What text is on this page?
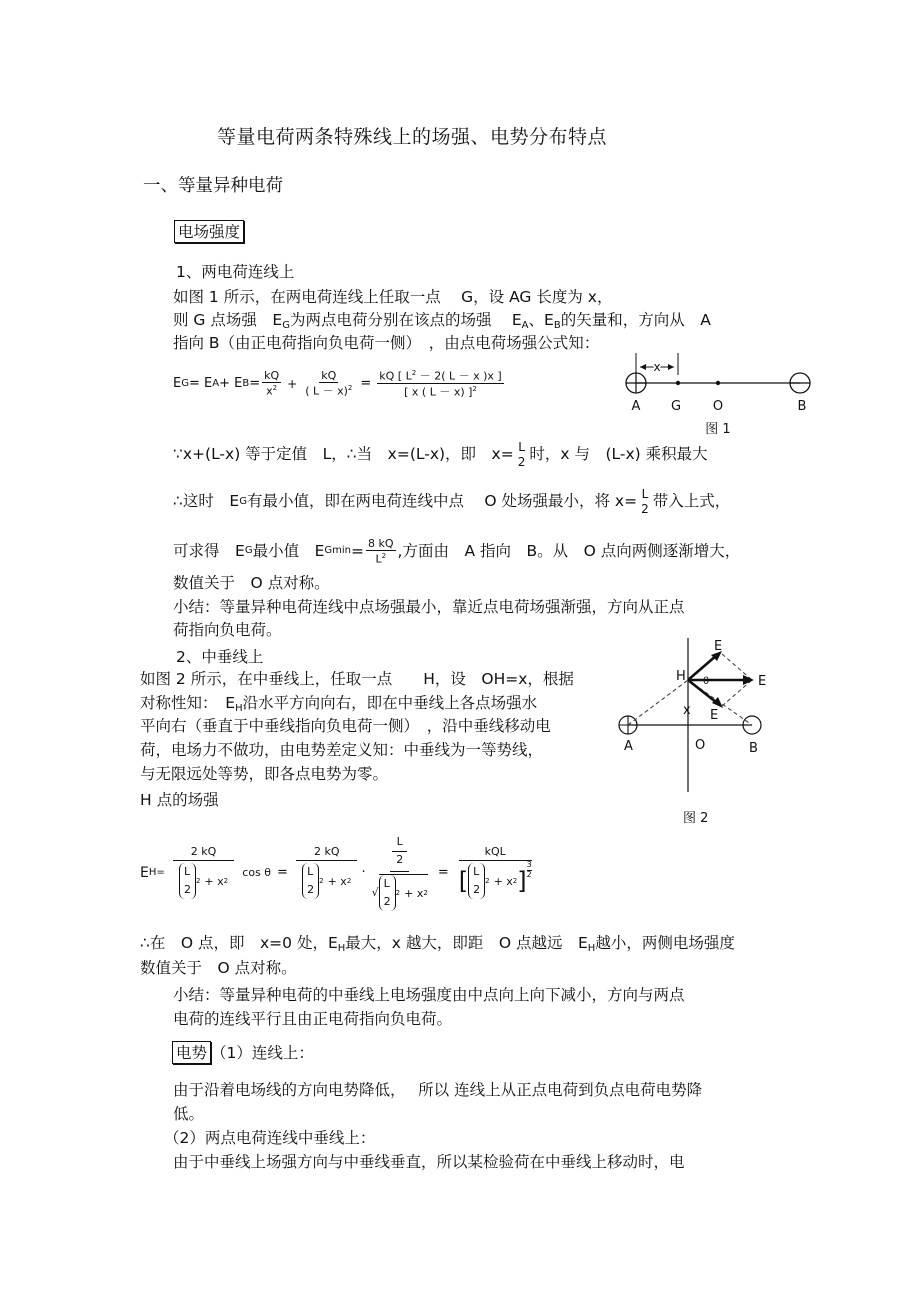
等量电荷两条特殊线上的场强、电势分布特点
一、等量异种电荷
电场强度
1、两电荷连线上
如图 1 所示，在两电荷连线上任取一点　 G，设 AG 长度为 x，
则 G 点场强　 $E_G$为两点电荷分别在该点的场强　 $E_A$、$E_B$的矢量和，方向从　A
指向 B（由正电荷指向负电荷一侧）　，由点电荷场强公式知：
E G = E A + E $B = \frac{kQ}{x^2} + \frac{kQ}{( L - x)^2} = \frac{kQ [ L^2 - 2( L - x )x ]}{[ x ( L - x) ]^2}$
x
A G O	B
图 1
∵x+(L-x) 等于定值　L，∴当　x=(L-x)，即　x= L
2 时，x 与　(L-x) 乘积最大
∴这时
　 E G 有最小值，即在两电荷连线中点　 O 处场强最小，将 x= L
2 带入上式，
可求得
　 E G 最小值
　 E $Gmin = \frac{8 kQ}{L^2}$ ,方面由　A 指向　B。从　O 点向两侧逐渐增大，
数值关于　O 点对称。
小结：等量异种电荷连线中点场强最小，靠近点电荷场强渐强，方向从正点
荷指向负电荷。
2、中垂线上
如图 2 所示，在中垂线上，任取一点　　H，设　OH=x，根据
对称性知：　 $E_H$沿水平方向向右，即在中垂线上各点场强水
平向右（垂直于中垂线指向负电荷一侧）　，沿中垂线移动电
荷，电场力不做功，由电势差定义知：中垂线为一等势线，
与无限远处等势，即各点电势为零。
H 点的场强
E
H θ	E
x E
A	O	B
图 2
E H= 2 kQ
L
2
2 + x 2 cos θ = 2 kQ
L
2
2 + x 2 · L
2
√
L
2
2 + x 2 = kQL
[ L
2
2 + x 2 ]
3
2
∴在　O 点，即　x=0 处，$E_H$最大，x 越大，即距　O 点越远　$E_H$越小，两侧电场强度
数值关于　O 点对称。
小结：等量异种电荷的中垂线上电场强度由中点向上向下减小，方向与两点
电荷的连线平行且由正电荷指向负电荷。
电势 （1）连线上：
由于沿着电场线的方向电势降低，　 所以 连线上从正点电荷到负点电荷电势降
低。
（2）两点电荷连线中垂线上：
由于中垂线上场强方向与中垂线垂直，所以某检验荷在中垂线上移动时，电
